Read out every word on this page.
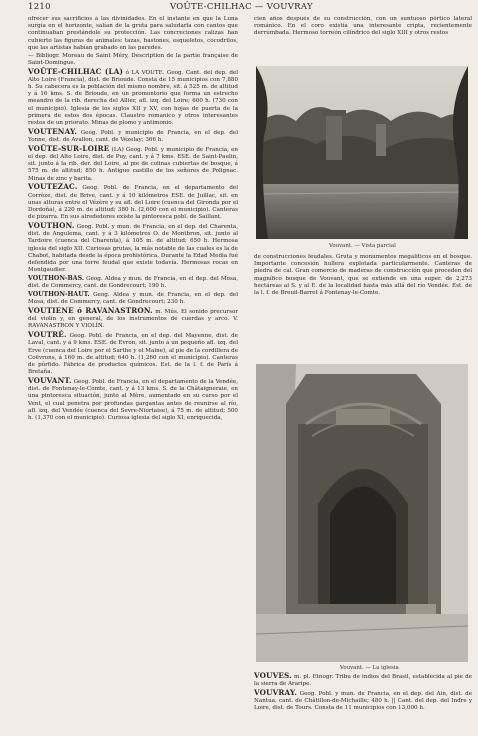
1210	VOÛTE-CHILHAC — VOUVRAY

ofrecer sus sacrificios á las divinidades. En el instante en que la Luna surgía en el horizonte, salían de la gruta para saludarla con cantos que continuaban prestándole su protección. Las concreciones calizas han cubierto las figuras de animales: tazas, bastones, esqueletos, cocodrilos, que las artistas habían grabado en las paredes.

— Bibliogr. Moreau de Saint Méry, Description de la partie française de Saint-Domingue.

VOÛTE-CHILHAC (LA) ó LA VOUTE. Geog. Cant. del dep. del Alto Loire (Francia), dist. de Brioude. Consta de 15 municipios con 7,880 h. Su cabecera es la población del mismo nombre, sit. á 525 m. de altitud y á 16 kms. S. de Brioude, en un promontorio que forma un estrecho meandro de la rib. derecha del Allier, afl. izq. del Loire; 600 h. (730 con el municipio). Iglesia de los siglos XII y XV, con hojas de puerta de la primera de estos dos épocas. Claustro romanico y otros interesantes restos de un priorato. Minas de plomo y antimonio.

VOUTENAY. Geog. Pobl. y municipio de Francia, en el dep. del Yonne, dist. de Avallon, cant. de Vézelay; 366 h.

VOÛTE-SUR-LOIRE (LA) Geog. Pobl. y municipio de Francia, en el dep. del Alto Loire, dist. de Puy, cant. y á 7 kms. ESE. de Saint-Paulin, sit. junto á la rib. der. del Loire, al pie de colinas cubiertas de bosque, á 575 m. de altitud; 850 h. Antiguo castillo de los señores de Polignac. Minas de zinc y barita.

VOUTEZAC. Geog. Pobl. de Francia, en el departamento del Corrèze, dist. de Brive, cant. y á 10 kilómetros ESE. de Juillac, sit. en unas alturas entre el Vézère y su afl. del Loire (cuenca del Gironda por el Dordoña), á 220 m. de altitud; 380 h. (2,600 con el municipio). Canteras de pizarra. En sus alrededores existe la pintoresca pobl. de Saillant.

VOUTHON. Geog. Pobl. y mun. de Francia, en el dep. del Charenta, dist. de Angulema, cant. y á 3 kilómetros O. de Montbron, sit. junto al Tardoire (cuenca del Charenta), á 105 m. de altitud; 650 h. Hermosa iglesia del siglo XII. Curiosas grutas, la más notable de las cuales es la de Chabot, habitada desde la época prehistórica. Durante la Edad Media fué defendida por una torre feudal que existe todavía. Hermosas rocas en Montgaudier.

VOUTHON-BAS. Geog. Aldea y mun. de Francia, en el dep. del Mosa, dist. de Commercy, cant. de Gondrecourt; 190 h.

VOUTHON-HAUT. Geog. Aldea y mun. de Francia, en el dep. del Mosa, dist. de Commercy, cant. de Gondrecourt; 230 h.

VOUTIENE ó RAVANASTRON. m. Mús. El sonido precursor del violín y, en general, de los instrumentos de cuerdas y arco. V. RAVANASTRON Y VIOLÍN.

VOUTRÉ. Geog. Pobl. de Francia, en el dep. del Mayenne, dist. de Laval, cant. y á 9 kms. ESE. de Evron, sit. junto á un pequeño afl. izq. del Erve (cuenca del Loire por el Sarthe y el Maine), al pie de la cordillera de Coëvrons, á 160 m. de altitud; 640 h. (1,260 con el municipio). Canteras de pórfido. Fábrica de productos químicos. Est. de la l. f. de París á Bretaña.

VOUVANT. Geog. Pobl. de Francia, en el departamento de la Vendée, dist. de Fontenay-le-Comte, cant. y á 13 kms. S. de la Châtaigneraie, en una pintoresca situación, junto al Mère, aumentado en su curso por el Vent, el cual penetra por profundas gargantas antes de reunirse al río, afl. izq. del Vendée (cuenca del Sevre-Niortaise), á 75 m. de altitud; 500 h. (1,370 con el municipio). Curiosa iglesia del siglo XI, enriquecida,

cien años después de su construcción, con un suntuoso pórtico lateral románico. En el coro existía una interesante cripta, recientemente derrumbada. Hermoso torreón cilíndrico del siglo XIII y otros restos

Vouvant. — Vista parcial

de construcciones feudales. Gruta y monumentos megalíticos en el bosque. Importante concesión hullera explotada particularmente. Canteras de piedra de cal. Gran comercio de maderas de construcción que proceden del magnífico bosque de Vouvant, que se extiende en una super. de 2,273 hectáreas al S. y al E. de la localidad hasta más allá del río Vendée. Est. de la l. f. de Breuil-Barret á Fontenay-le-Comte.

Vouvant. — La iglesia

VOUVÉS. m. pl. Etnogr. Tribu de indios del Brasil, establecida al pie de la sierra de Araripe.

VOUVRAY. Geog. Pobl. y mun. de Francia, en el dep. del Ain, dist. de Nantua, cant. de Châtillon-de-Michaille; 480 h. || Cant. del dep. del Indre y Loire, dist. de Tours. Consta de 11 municipios con 13,000 h.
